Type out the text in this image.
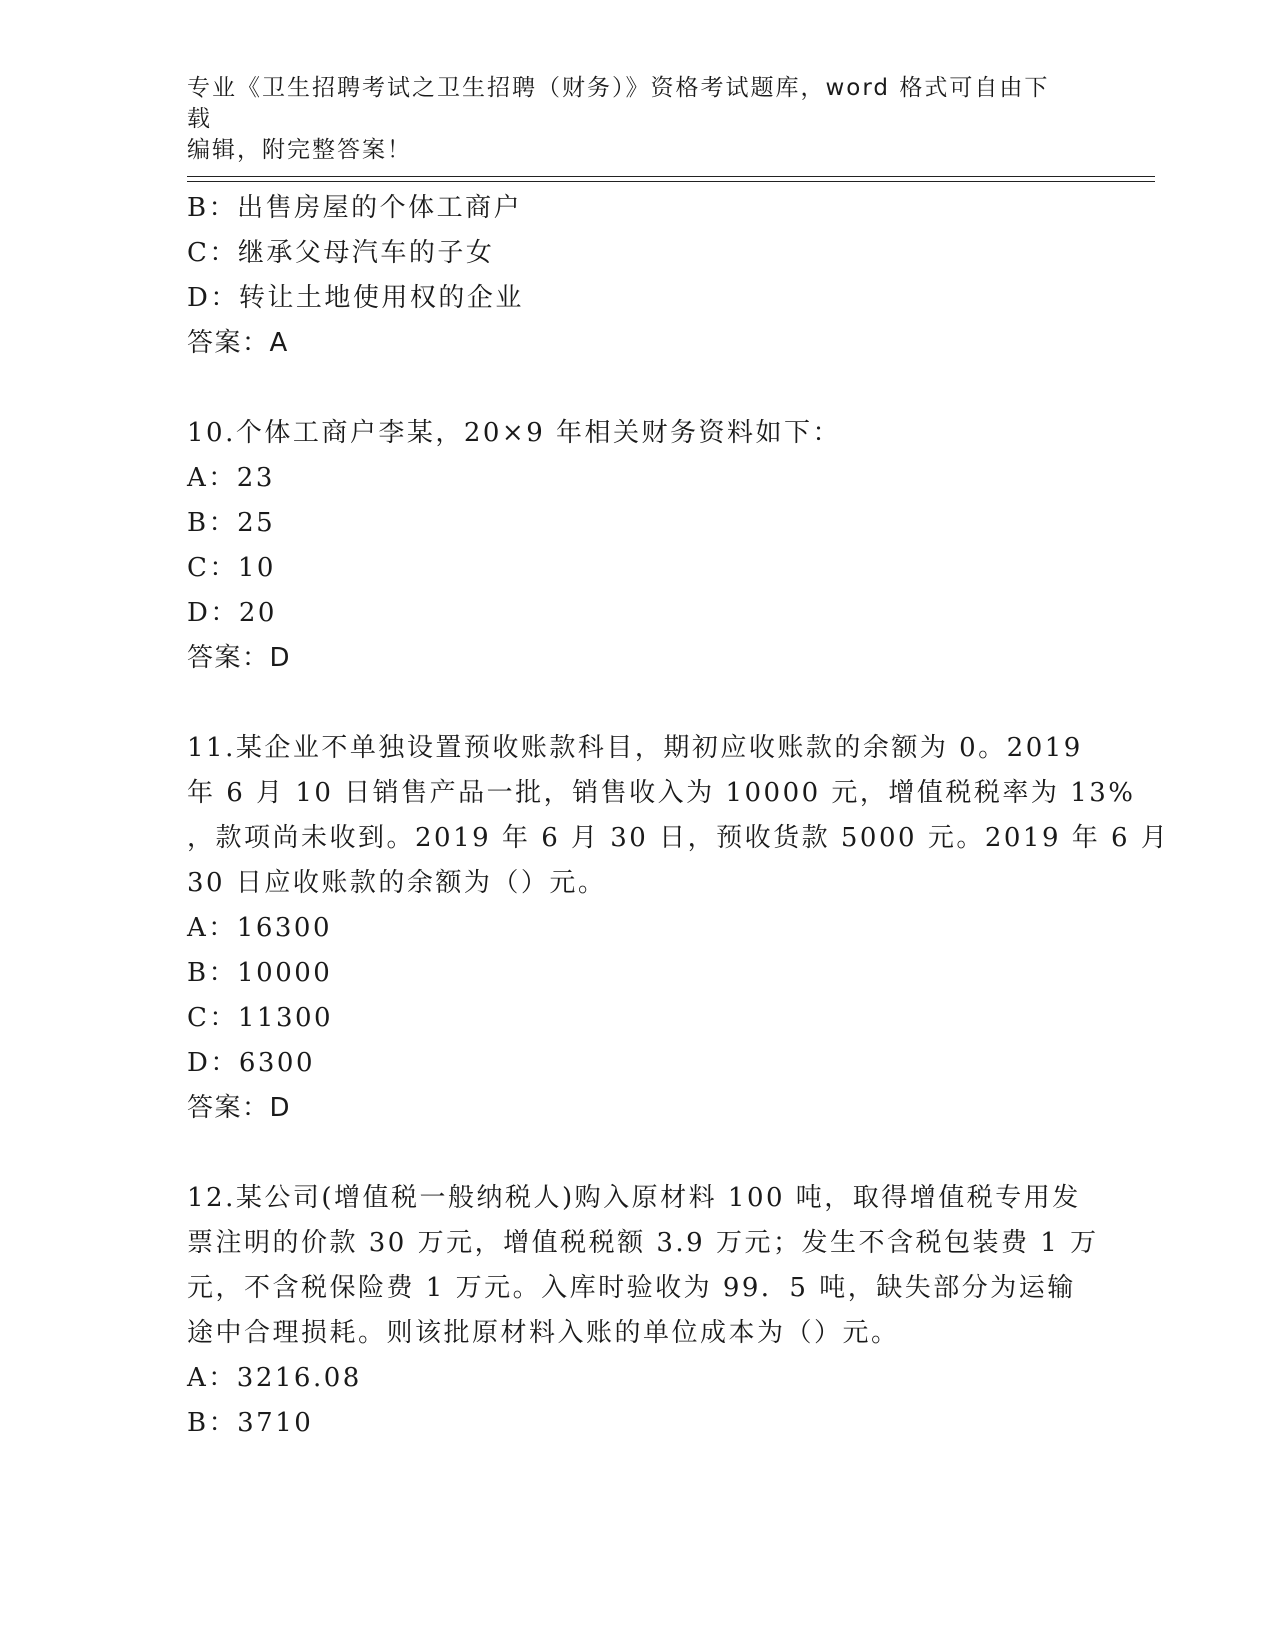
专业《卫生招聘考试之卫生招聘（财务）》资格考试题库，word 格式可自由下载
编辑，附完整答案！
B：出售房屋的个体工商户
C：继承父母汽车的子女
D：转让土地使用权的企业
答案：A
10.个体工商户李某，20×9 年相关财务资料如下：
A：23
B：25
C：10
D：20
答案：D
11.某企业不单独设置预收账款科目，期初应收账款的余额为 0。2019
年 6 月 10 日销售产品一批，销售收入为 10000 元，增值税税率为 13%
，款项尚未收到。2019 年 6 月 30 日，预收货款 5000 元。2019 年 6 月
30 日应收账款的余额为（）元。
A：16300
B：10000
C：11300
D：6300
答案：D
12.某公司(增值税一般纳税人)购入原材料 100 吨，取得增值税专用发
票注明的价款 30 万元，增值税税额 3.9 万元；发生不含税包装费 1 万
元，不含税保险费 1 万元。入库时验收为 99．5 吨，缺失部分为运输
途中合理损耗。则该批原材料入账的单位成本为（）元。
A：3216.08
B：3710
